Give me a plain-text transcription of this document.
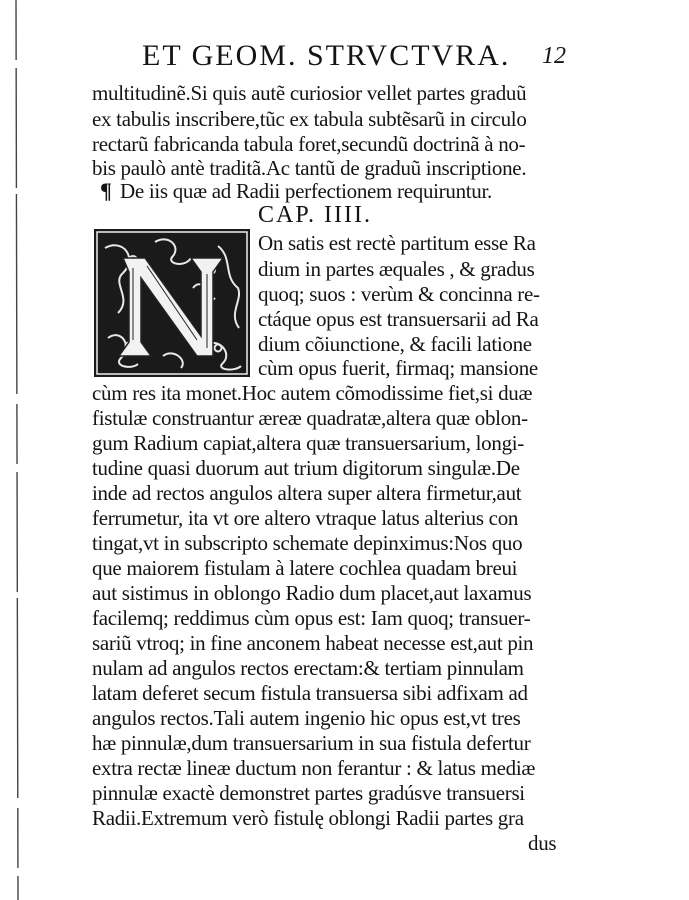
ET GEOM. STRVCTVRA.	12
multitudinẽ.Si quis autẽ curiosior vellet partes graduũ
ex tabulis inscribere,tũc ex tabula subtẽsarũ in circulo
rectarũ fabricanda tabula foret,secundũ doctrinã à no-
bis paulò antè traditã.Ac tantũ de graduũ inscriptione.
¶ De iis quæ ad Radii perfectionem requiruntur.
CAP. IIII.
On satis est rectè partitum esse Ra
dium in partes æquales , & gradus
quoq; suos : verùm & concinna re-
ctáque opus est transuersarii ad Ra
dium cõiunctione, & facili latione
cùm opus fuerit, firmaq; mansione
cùm res ita monet.Hoc autem cõmodissime fiet,si duæ
fistulæ construantur æreæ quadratæ,altera quæ oblon-
gum Radium capiat,altera quæ transuersarium, longi-
tudine quasi duorum aut trium digitorum singulæ.De
inde ad rectos angulos altera super altera firmetur,aut
ferrumetur, ita vt ore altero vtraque latus alterius con
tingat,vt in subscripto schemate depinximus:Nos quo
que maiorem fistulam à latere cochlea quadam breui
aut sistimus in oblongo Radio dum placet,aut laxamus
facilemq; reddimus cùm opus est: Iam quoq; transuer-
sariũ vtroq; in fine anconem habeat necesse est,aut pin
nulam ad angulos rectos erectam:& tertiam pinnulam
latam deferet secum fistula transuersa sibi adfixam ad
angulos rectos.Tali autem ingenio hic opus est,vt tres
hæ pinnulæ,dum transuersarium in sua fistula defertur
extra rectæ lineæ ductum non ferantur : & latus mediæ
pinnulæ exactè demonstret partes gradúsve transuersi
Radii.Extremum verò fistulę oblongi Radii partes gra
dus
